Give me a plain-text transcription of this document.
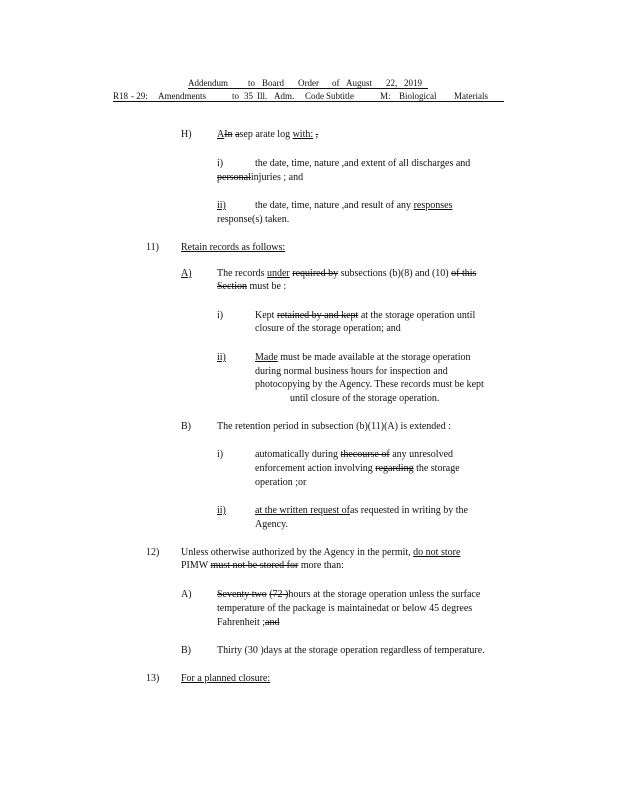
Addendum to Board Order of August 22, 2019
R18 - 29: Amendments	to 35 Ill. Adm. Code Subtitle	M: Biological Materials
H)	AIn asep arate log with: ,
i)	the date, time, nature ,and extent of all discharges and
personalinjuries ; and
ii)	the date, time, nature ,and result of any responses
response(s) taken.
11) Retain records as follows:
A)	The records under required by subsections (b)(8) and (10) of this
Section must be :
i)	Kept retained by and kept at the storage operation until
closure of the storage operation; and
ii)	Made must be made available at the storage operation
during normal business hours for inspection and
photocopying by the Agency. These records must be kept
until closure of the storage operation.
B)	The retention period in subsection (b)(11)(A) is extended :
i)	automatically during thecourse of any unresolved
enforcement action involving regarding the storage
operation ;or
ii)	at the written request ofas requested in writing by the
Agency.
12) Unless otherwise authorized by the Agency in the permit, do not store
PIMW must not be stored for more than:
A)	Seventy two (72 )hours at the storage operation unless the surface
temperature of the package is maintainedat or below 45 degrees
Fahrenheit ;and
B)	Thirty (30 )days at the storage operation regardless of temperature.
13) For a planned closure:
